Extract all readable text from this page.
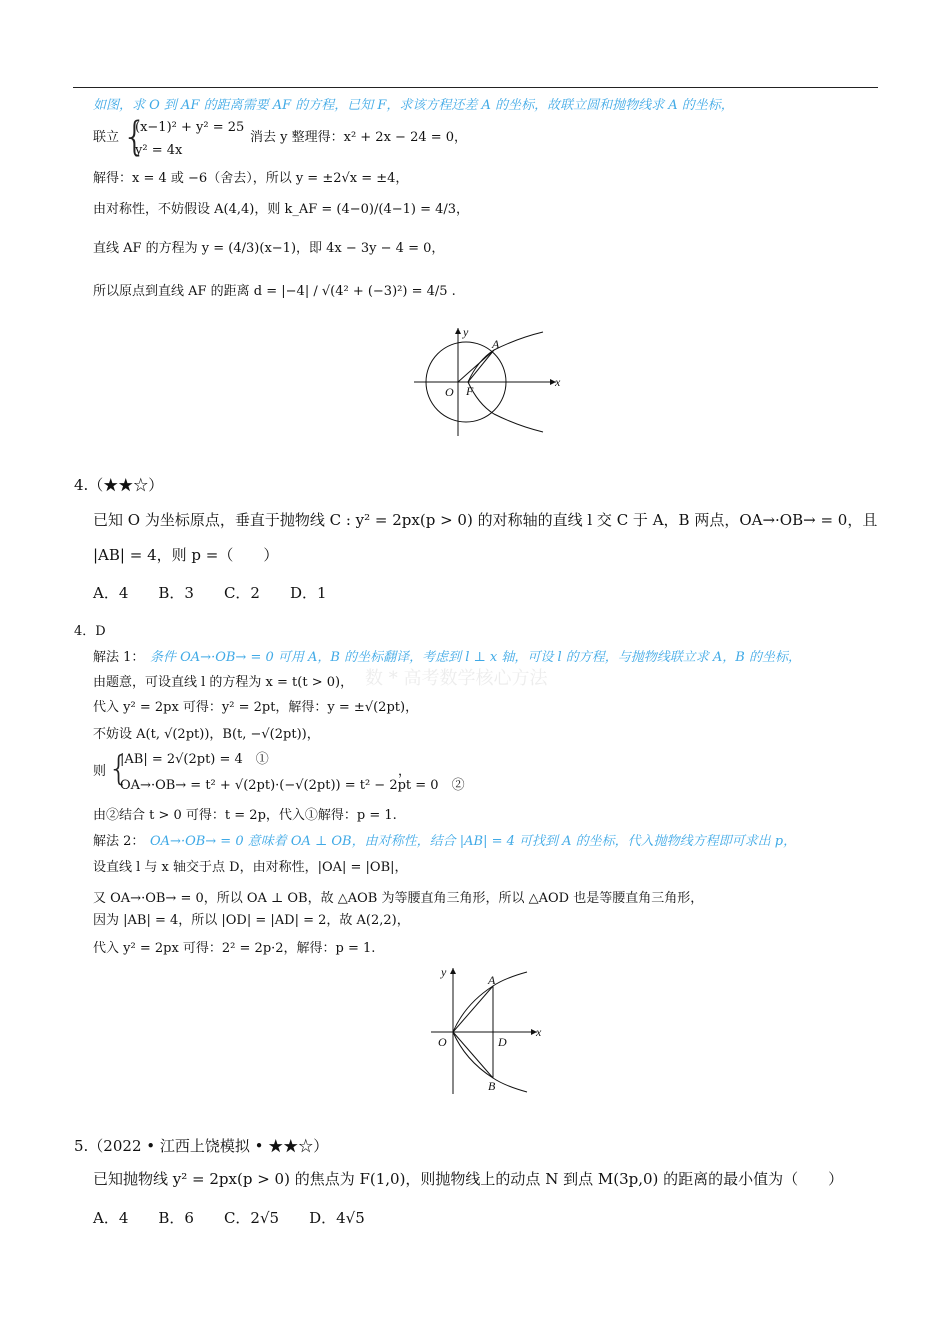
如图，求 O 到 AF 的距离需要 AF 的方程，已知 F，求该方程还差 A 的坐标，故联立圆和抛物线求 A 的坐标，
联立 {
(x−1)² + y² = 25
y² = 4x
消去 y 整理得：x² + 2x − 24 = 0，
解得：x = 4 或 −6（舍去），所以 y = ±2√x = ±4，
由对称性，不妨假设 A(4,4)，则 k_AF = (4−0)/(4−1) = 4/3，
直线 AF 的方程为 y = (4/3)(x−1)，即 4x − 3y − 4 = 0，
所以原点到直线 AF 的距离 d = |−4| / √(4² + (−3)²) = 4/5 .
y
x
O F
A
4.（★★☆）
已知 O 为坐标原点，垂直于抛物线 C : y² = 2px(p > 0) 的对称轴的直线 l 交 C 于 A，B 两点，OA→·OB→ = 0，且
|AB| = 4，则 p =（　　）
A．4　　B．3　　C．2　　D．1
4．D
数 * 高考数学核心方法
解法 1： 条件 OA→·OB→ = 0 可用 A，B 的坐标翻译，考虑到 l ⊥ x 轴，可设 l 的方程，与抛物线联立求 A，B 的坐标，
由题意，可设直线 l 的方程为 x = t(t > 0)，
代入 y² = 2px 可得：y² = 2pt，解得：y = ±√(2pt)，
不妨设 A(t, √(2pt))，B(t, −√(2pt))，
则 {
|AB| = 2√(2pt) = 4　①
OA→·OB→ = t² + √(2pt)·(−√(2pt)) = t² − 2pt = 0　②
，
由②结合 t > 0 可得：t = 2p，代入①解得：p = 1.
解法 2： OA→·OB→ = 0 意味着 OA ⊥ OB，由对称性，结合 |AB| = 4 可找到 A 的坐标，代入抛物线方程即可求出 p，
设直线 l 与 x 轴交于点 D，由对称性，|OA| = |OB|，
又 OA→·OB→ = 0，所以 OA ⊥ OB，故 △AOB 为等腰直角三角形，所以 △AOD 也是等腰直角三角形，
因为 |AB| = 4，所以 |OD| = |AD| = 2，故 A(2,2)，
代入 y² = 2px 可得：2² = 2p·2，解得：p = 1.
y
x
O
A
B
D
5.（2022 • 江西上饶模拟 • ★★☆）
已知抛物线 y² = 2px(p > 0) 的焦点为 F(1,0)，则抛物线上的动点 N 到点 M(3p,0) 的距离的最小值为（　　）
A．4　　B．6　　C．2√5　　D．4√5
